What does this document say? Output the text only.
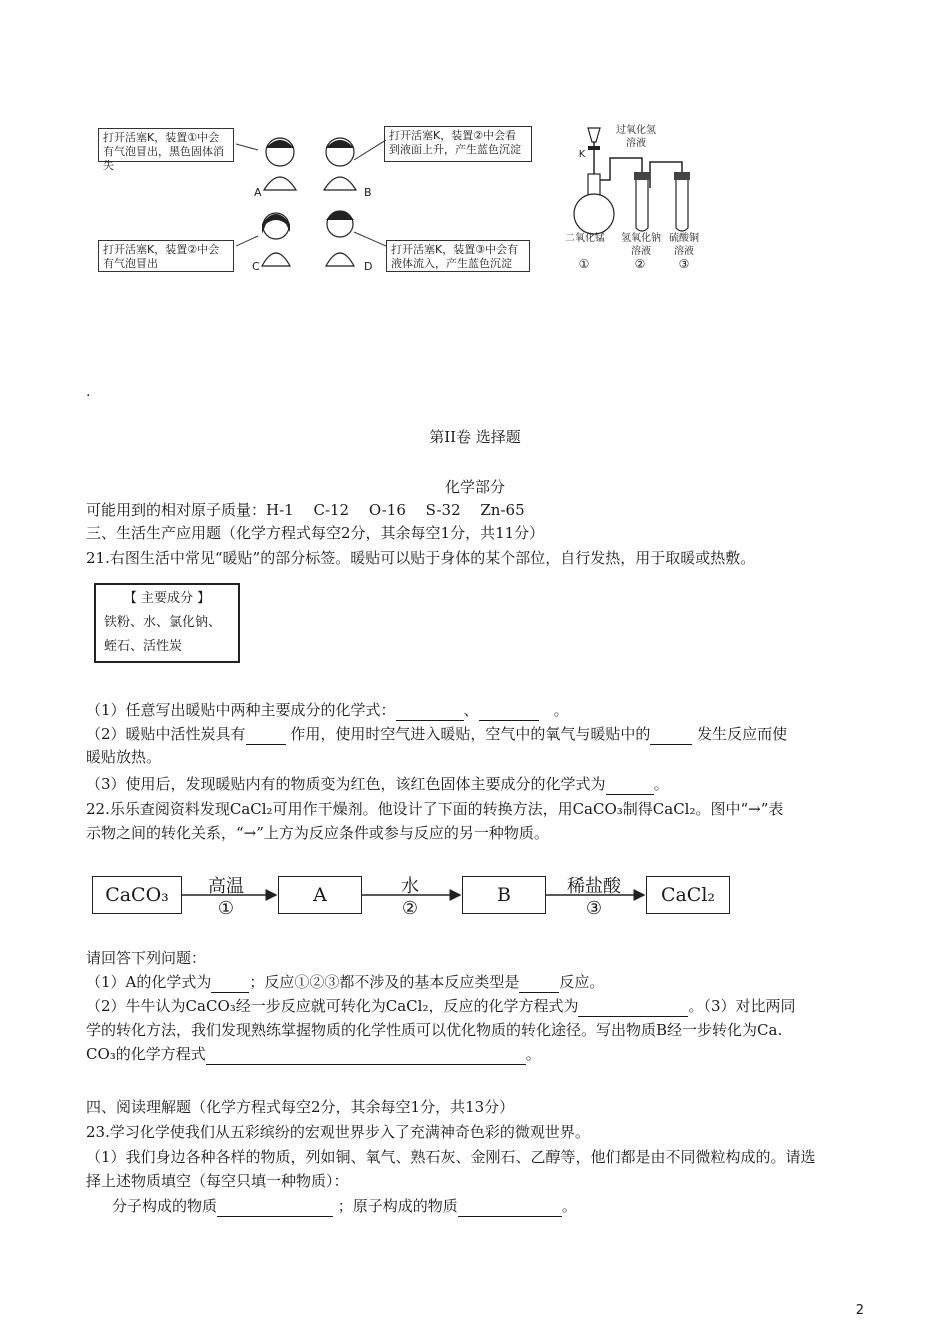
打开活塞K，装置①中会有气泡冒出，黑色固体消失
打开活塞K，装置②中会看到液面上升，产生蓝色沉淀
打开活塞K，装置②中会有气泡冒出
打开活塞K，装置③中会有液体流入，产生蓝色沉淀
A	B
C	D
过氧化氢溶液
K
二氧化锰
①
氢氧化钠溶液
②
硫酸铜溶液
③
.
第II卷 选择题
化学部分
可能用到的相对原子质量：H-1　 C-12　 O-16　 S-32　 Zn-65
三、生活生产应用题（化学方程式每空2分，其余每空1分，共11分）
21.右图生活中常见“暖贴”的部分标签。暖贴可以贴于身体的某个部位，自行发热，用于取暖或热敷。
【 主要成分 】
铁粉、水、氯化钠、
蛭石、活性炭
（1）任意写出暖贴中两种主要成分的化学式：	、　	。
（2）暖贴中活性炭具有	作用，使用时空气进入暖贴，空气中的氧气与暖贴中的	发生反应而使
暖贴放热。
（3）使用后，发现暖贴内有的物质变为红色，该红色固体主要成分的化学式为	。
22.乐乐查阅资料发现CaCl₂可用作干燥剂。他设计了下面的转换方法，用CaCO₃制得CaCl₂。图中“→”表
示物之间的转化关系，“→”上方为反应条件或参与反应的另一种物质。
CaCO₃	A	B	CaCl₂
高温
①
水
②
稀盐酸
③
请回答下列问题：
（1）A的化学式为	；反应①②③都不涉及的基本反应类型是	反应。
（2）牛牛认为CaCO₃经一步反应就可转化为CaCl₂，反应的化学方程式为	。（3）对比两同
学的转化方法，我们发现熟练掌握物质的化学性质可以优化物质的转化途径。写出物质B经一步转化为Ca.
CO₃的化学方程式	。
四、阅读理解题（化学方程式每空2分，其余每空1分，共13分）
23.学习化学使我们从五彩缤纷的宏观世界步入了充满神奇色彩的微观世界。
（1）我们身边各种各样的物质，列如铜、氧气、熟石灰、金刚石、乙醇等，他们都是由不同微粒构成的。请选
择上述物质填空（每空只填一种物质）：
分子构成的物质	；原子构成的物质	。
2
